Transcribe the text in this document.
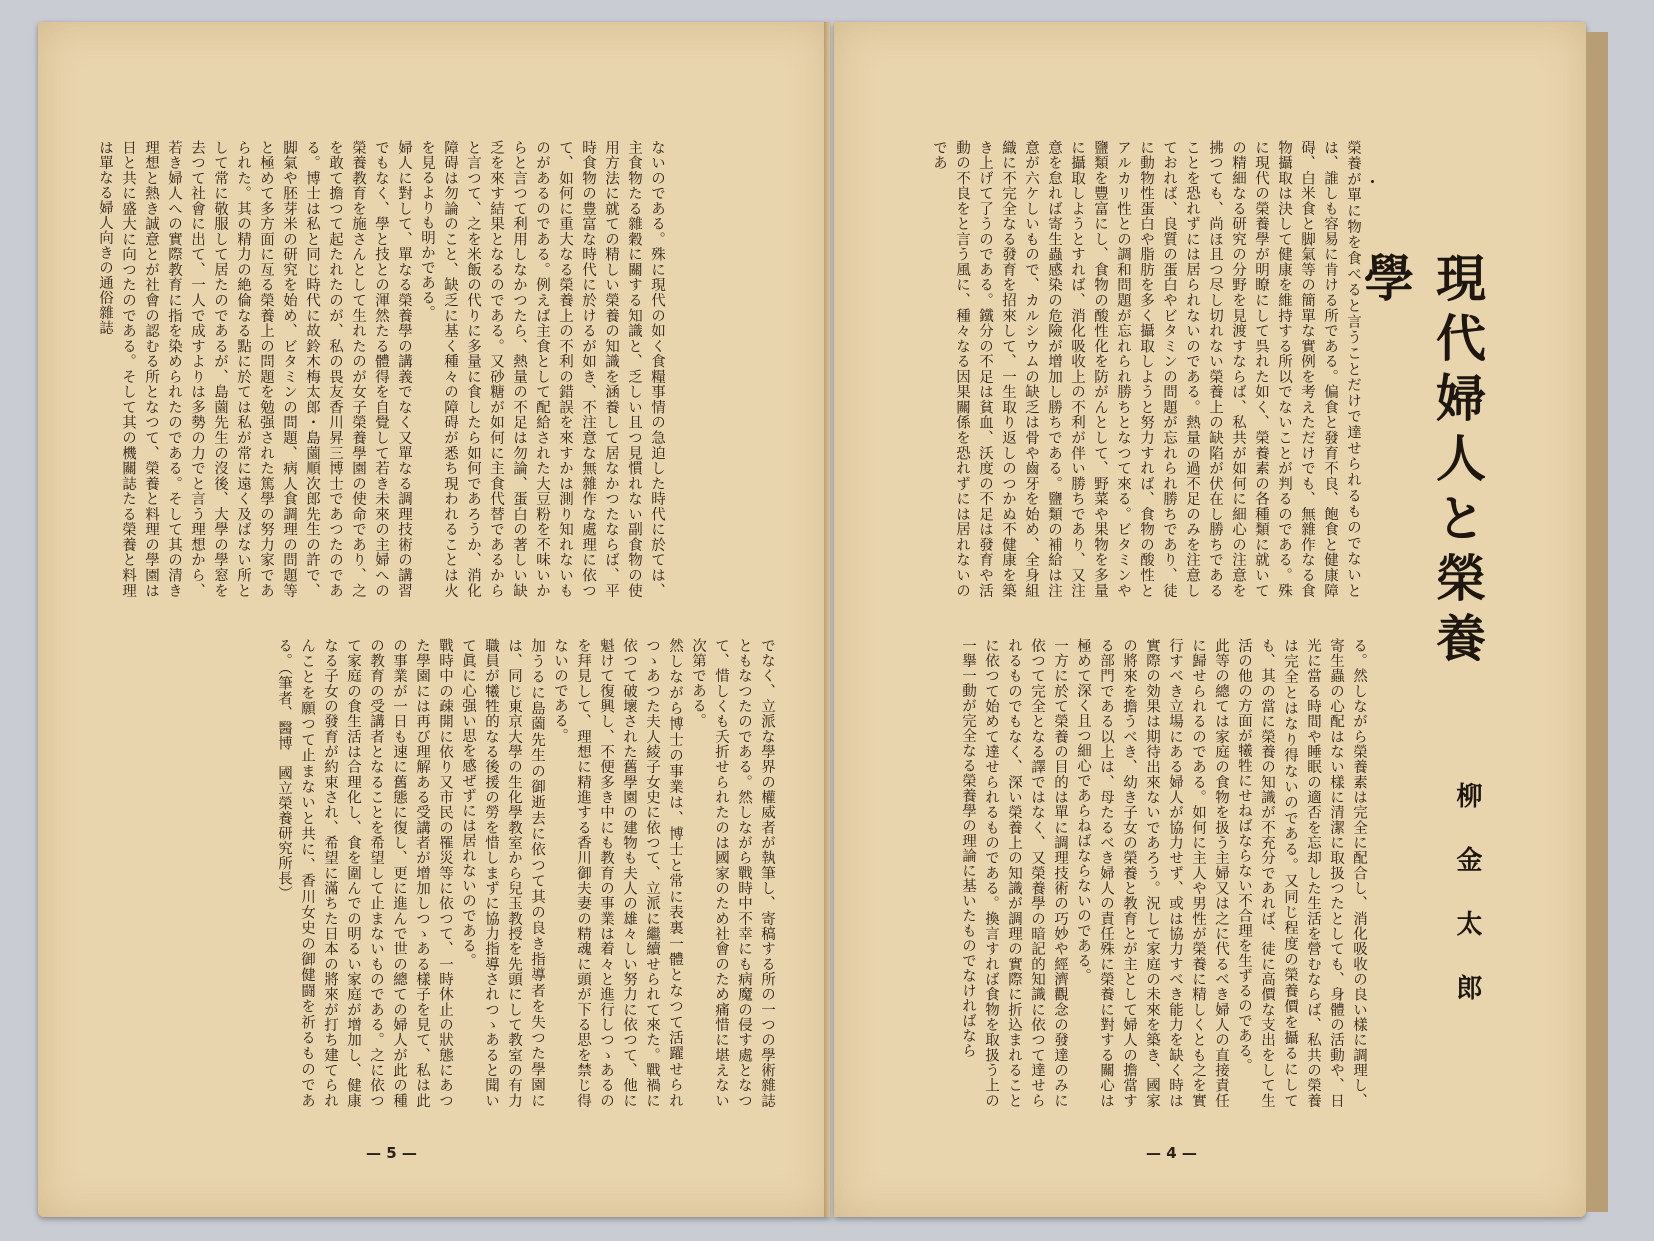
ないのである。殊に現代の如く食糧事情の急迫した時代に於ては、主食物たる雜穀に關する知識と、乏しい且つ見慣れない副食物の使用方法に就ての精しい榮養の知識を涵養して居なかつたならば、平時食物の豊富な時代に於けるが如き、不注意な無雜作な處理に依つて、如何に重大なる榮養上の不利の錯誤を來すかは測り知れないものがあるのである。例えば主食として配給された大豆粉を不味いからと言つて利用しなかつたら、熱量の不足は勿論、蛋白の著しい缺乏を來す結果となるのである。又砂糖が如何に主食代替であるからと言つて、之を米飯の代りに多量に食したら如何であろうか、消化障碍は勿論のこと、缺乏に基く種々の障碍が悉ち現われることは火を見るよりも明かである。
婦人に對して、單なる榮養學の講義でなく又單なる調理技術の講習でもなく、學と技との渾然たる體得を自覺して若き未來の主婦への榮養教育を施さんとして生れたのが女子榮養學園の使命であり、之を敢て擔つて起たれたのが、私の畏友香川昇三博士であつたのである。博士は私と同じ時代に故鈴木梅太郎・島薗順次郎先生の許で、脚氣や胚芽米の研究を始め、ビタミンの問題、病人食調理の問題等と極めて多方面に亙る榮養上の問題を勉强された篤學の努力家であられた。其の精力の絶倫なる點に於ては私が常に遠く及ばない所として常に敬服して居たのであるが、島薗先生の沒後、大學の學窓を去つて社會に出て、一人で成すよりは多勢の力でと言う理想から、若き婦人への實際教育に指を染められたのである。そして其の清き理想と熱き誠意とが社會の認むる所となつて、榮養と料理の學園は日と共に盛大に向つたのである。そして其の機關誌たる榮養と料理は單なる婦人向きの通俗雜誌
でなく、立派な學界の權威者が執筆し、寄稿する所の一つの學術雜誌ともなつたのである。然しながら戰時中不幸にも病魔の侵す處となつて、惜しくも夭折せられたのは國家のため社會のため痛惜に堪えない次第である。
然しながら博士の事業は、博士と常に表裏一體となつて活躍せられつゝあつた夫人綾子女史に依つて、立派に繼續せられて來た。戰禍に依つて破壞された舊學園の建物も夫人の雄々しい努力に依つて、他に魁けて復興し、不便多き中にも教育の事業は着々と進行しつゝあるのを拜見して、理想に精進する香川御夫妻の精魂に頭が下る思を禁じ得ないのである。
加うるに島薗先生の御逝去に依つて其の良き指導者を失つた學園には、同じ東京大學の生化學教室から兒玉教授を先頭にして教室の有力職員が犧牲的なる後援の勞を惜しまずに協力指導されつゝあると聞いて眞に心强い思を感ぜずには居れないのである。
戰時中の疎開に依り又市民の罹災等に依つて、一時休止の狀態にあつた學園には再び理解ある受講者が增加しつゝある樣子を見て、私は此の事業が一日も速に舊態に復し、更に進んで世の總ての婦人が此の種の教育の受講者となることを希望して止まないものである。之に依つて家庭の食生活は合理化し、食を圍んでの明るい家庭が增加し、健康なる子女の發育が約束され、希望に滿ちた日本の將來が打ち建てられんことを願つて止まないと共に、香川女史の御健闘を祈るものである。（筆者、醫博　國立榮養研究所長）
— 5 —
榮養が單に物を食べると言うことだけで達せられるものでないとは、誰しも容易に肯ける所である。偏食と發育不良、飽食と健康障碍、白米食と脚氣等の簡單な實例を考えただけでも、無雜作なる食物攝取は決して健康を維持する所以でないことが判るのである。殊に現代の榮養學が明瞭にして呉れた如く、榮養素の各種類に就いての精細なる研究の分野を見渡すならば、私共が如何に細心の注意を拂つても、尚ほ且つ尽し切れない榮養上の缺陷が伏在し勝ちであることを恐れずには居られないのである。熱量の過不足のみを注意しておれば、良質の蛋白やビタミンの問題が忘れられ勝ちであり、徒に動物性蛋白や脂肪を多く攝取しようと努力すれば、食物の酸性とアルカリ性との調和問題が忘れられ勝ちとなつて來る。ビタミンや鹽類を豐富にし、食物の酸性化を防がんとして、野菜や果物を多量に攝取しようとすれば、消化吸收上の不利が伴い勝ちであり、又注意を怠れば寄生蟲感染の危險が增加し勝ちである。鹽類の補給は注意が六ケしいもので、カルシウムの缺乏は骨や齒牙を始め、全身組織に不完全なる發育を招來して、一生取り返しのつかぬ不健康を築き上げて了うのである。鐵分の不足は貧血、沃度の不足は發育や活動の不良をと言う風に、種々なる因果關係を恐れずには居れないのであ
現代婦人と榮養學
柳金太郎
る。然しながら榮養素は完全に配合し、消化吸收の良い樣に調理し、寄生蟲の心配はない樣に清潔に取扱つたとしても、身體の活動や、日光に當る時間や睡眠の適否を忘却した生活を營むならば、私共の榮養は完全とはなり得ないのである。又同じ程度の榮養價を攝るにしても、其の當に榮養の知識が不充分であれば、徒に高價な支出をして生活の他の方面が犧牲にせねばならない不合理を生ずるのである。
此等の總ては家庭の食物を扱う主婦又は之に代るべき婦人の直接責任に歸せられるのである。如何に主人や男性が榮養に精しくとも之を實行すべき立場にある婦人が協力せず、或は協力すべき能力を缺く時は實際の効果は期待出來ないであろう。況して家庭の未來を築き、國家の將來を擔うべき、幼き子女の榮養と教育とが主として婦人の擔當する部門である以上は、母たるべき婦人の責任殊に榮養に對する關心は極めて深く且つ細心であらねばならないのである。
一方に於て榮養の目的は單に調理技術の巧妙や經濟觀念の發達のみに依つて完全となる譯ではなく、又榮養學の暗記的知識に依つて達せられるものでもなく、深い榮養上の知識が調理の實際に折込まれることに依つて始めて達せられるものである。換言すれば食物を取扱う上の一擧一動が完全なる榮養學の理論に基いたものでなければなら
— 4 —
